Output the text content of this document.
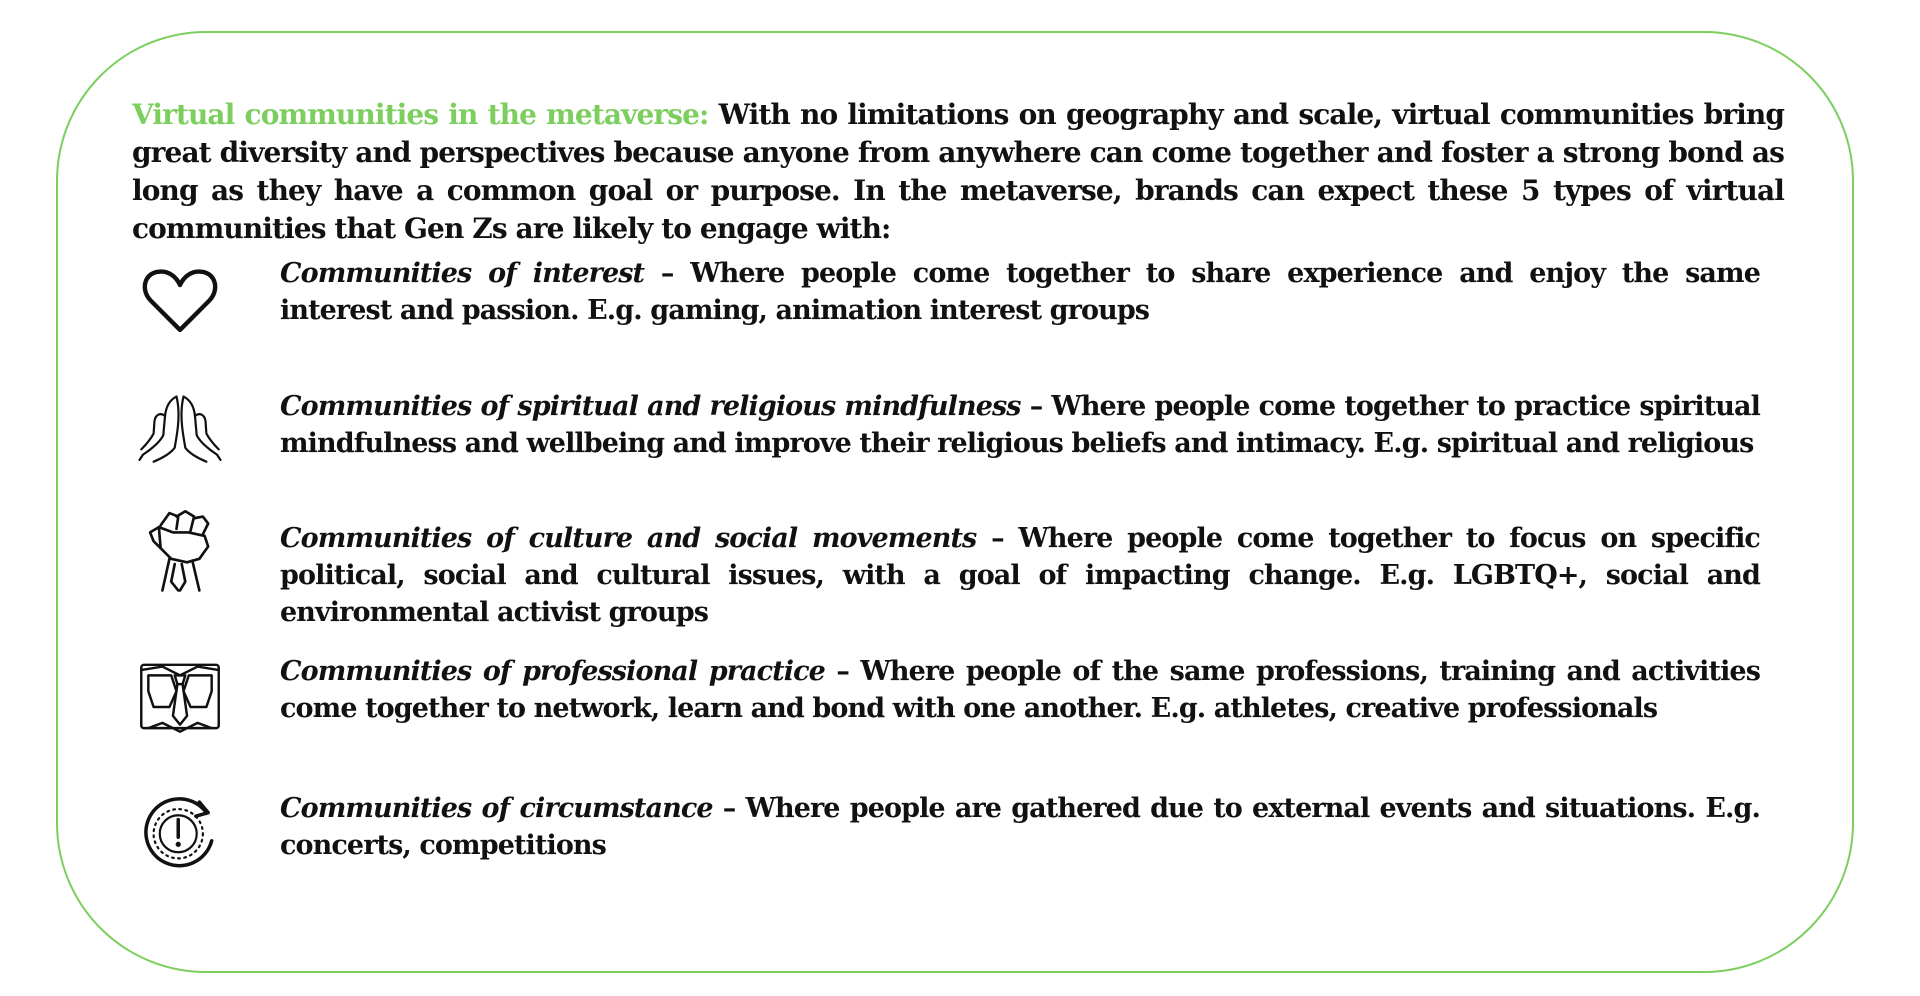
Virtual communities in the metaverse: With no limitations on geography and scale, virtual communities bring great diversity and perspectives because anyone from anywhere can come together and foster a strong bond as long as they have a common goal or purpose. In the metaverse, brands can expect these 5 types of virtual communities that Gen Zs are likely to engage with:

Communities of interest – Where people come together to share experience and enjoy the same interest and passion. E.g. gaming, animation interest groups

Communities of spiritual and religious mindfulness – Where people come together to practice spiritual mindfulness and wellbeing and improve their religious beliefs and intimacy. E.g. spiritual and religious

Communities of culture and social movements – Where people come together to focus on specific political, social and cultural issues, with a goal of impacting change. E.g. LGBTQ+, social and environmental activist groups

Communities of professional practice – Where people of the same professions, training and activities come together to network, learn and bond with one another. E.g. athletes, creative professionals

Communities of circumstance – Where people are gathered due to external events and situations. E.g. concerts, competitions
